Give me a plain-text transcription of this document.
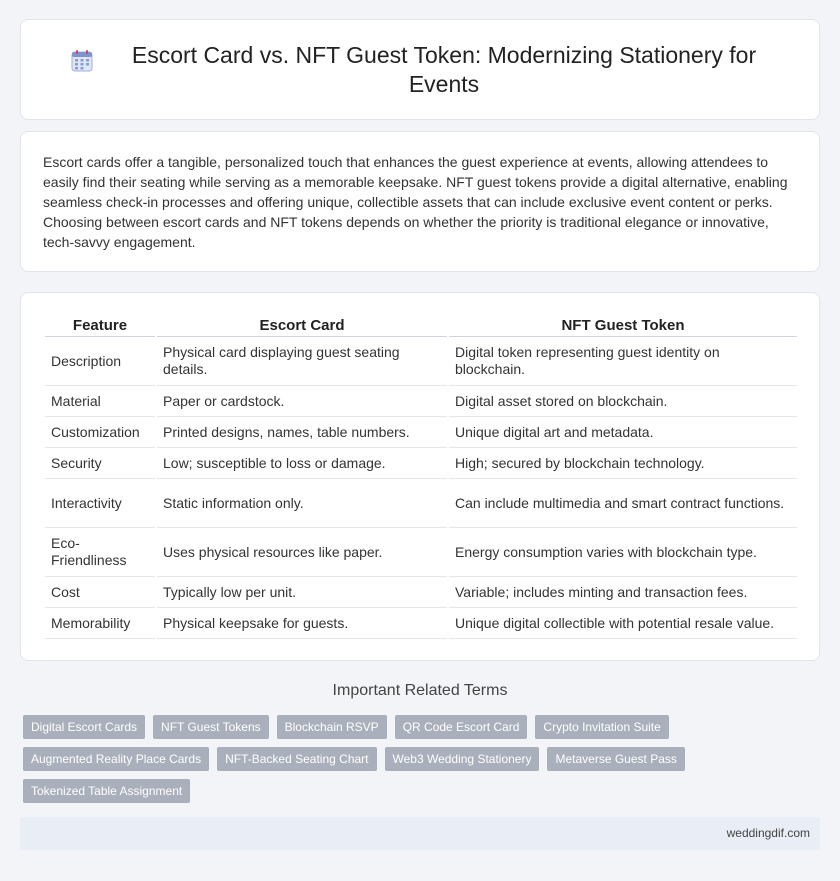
Escort Card vs. NFT Guest Token: Modernizing Stationery for Events

Escort cards offer a tangible, personalized touch that enhances the guest experience at events, allowing attendees to easily find their seating while serving as a memorable keepsake. NFT guest tokens provide a digital alternative, enabling seamless check-in processes and offering unique, collectible assets that can include exclusive event content or perks. Choosing between escort cards and NFT tokens depends on whether the priority is traditional elegance or innovative, tech-savvy engagement.

Feature	Escort Card	NFT Guest Token
Description	Physical card displaying guest seating details.	Digital token representing guest identity on blockchain.
Material	Paper or cardstock.	Digital asset stored on blockchain.
Customization	Printed designs, names, table numbers.	Unique digital art and metadata.
Security	Low; susceptible to loss or damage.	High; secured by blockchain technology.
Interactivity	Static information only.	Can include multimedia and smart contract functions.
Eco-Friendliness	Uses physical resources like paper.	Energy consumption varies with blockchain type.
Cost	Typically low per unit.	Variable; includes minting and transaction fees.
Memorability	Physical keepsake for guests.	Unique digital collectible with potential resale value.
Important Related Terms
Digital Escort Cards	NFT Guest Tokens	Blockchain RSVP	QR Code Escort Card	Crypto Invitation Suite
Augmented Reality Place Cards	NFT-Backed Seating Chart	Web3 Wedding Stationery	Metaverse Guest Pass
Tokenized Table Assignment
weddingdif.com
